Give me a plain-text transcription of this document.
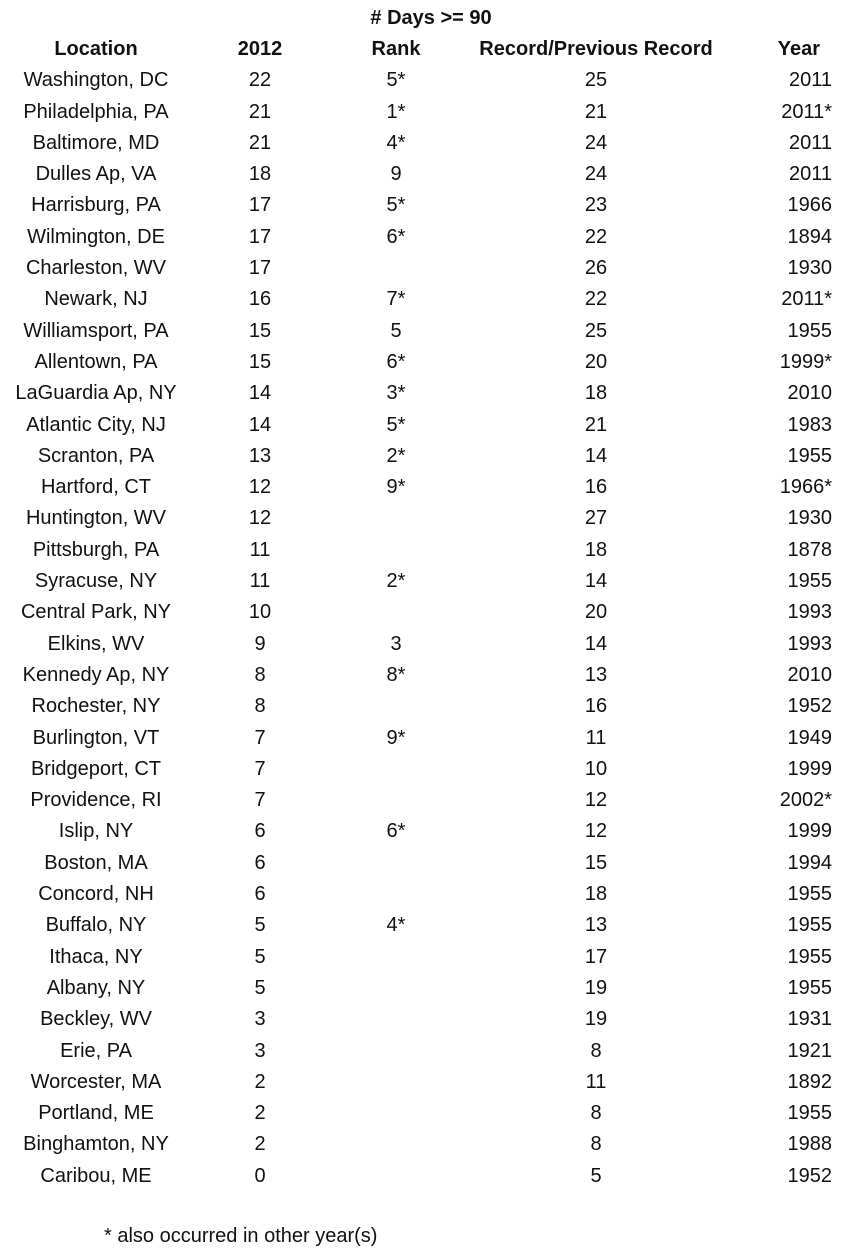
# Days >= 90
Location	2012	Rank	Record/Previous Record	Year
Washington, DC	22	5*	25	2011
Philadelphia, PA	21	1*	21	2011*
Baltimore, MD	21	4*	24	2011
Dulles Ap, VA	18	9	24	2011
Harrisburg, PA	17	5*	23	1966
Wilmington, DE	17	6*	22	1894
Charleston, WV	17		26	1930
Newark, NJ	16	7*	22	2011*
Williamsport, PA	15	5	25	1955
Allentown, PA	15	6*	20	1999*
LaGuardia Ap, NY	14	3*	18	2010
Atlantic City, NJ	14	5*	21	1983
Scranton, PA	13	2*	14	1955
Hartford, CT	12	9*	16	1966*
Huntington, WV	12		27	1930
Pittsburgh, PA	11		18	1878
Syracuse, NY	11	2*	14	1955
Central Park, NY	10		20	1993
Elkins, WV	9	3	14	1993
Kennedy Ap, NY	8	8*	13	2010
Rochester, NY	8		16	1952
Burlington, VT	7	9*	11	1949
Bridgeport, CT	7		10	1999
Providence, RI	7		12	2002*
Islip, NY	6	6*	12	1999
Boston, MA	6		15	1994
Concord, NH	6		18	1955
Buffalo, NY	5	4*	13	1955
Ithaca, NY	5		17	1955
Albany, NY	5		19	1955
Beckley, WV	3		19	1931
Erie, PA	3		8	1921
Worcester, MA	2		11	1892
Portland, ME	2		8	1955
Binghamton, NY	2		8	1988
Caribou, ME	0		5	1952
* also occurred in other year(s)
